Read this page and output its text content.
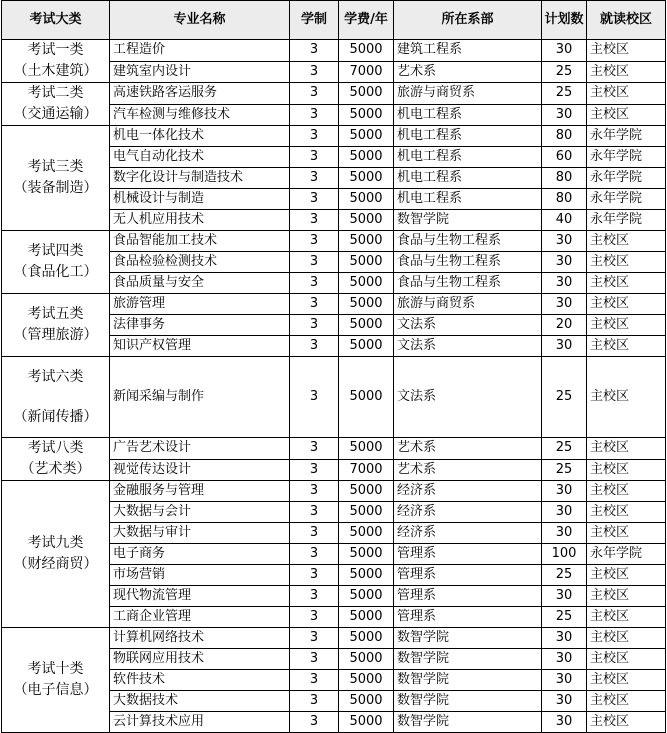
考试大类	专业名称	学制	学费/年	所在系部	计划数	就读校区
考试一类
（土木建筑）	工程造价	3	5000	建筑工程系	30	主校区
	建筑室内设计	3	7000	艺术系	25	主校区
考试二类
（交通运输）	高速铁路客运服务	3	5000	旅游与商贸系	25	主校区
	汽车检测与维修技术	3	5000	机电工程系	30	主校区
考试三类
（装备制造）	机电一体化技术	3	5000	机电工程系	80	永年学院
	电气自动化技术	3	5000	机电工程系	60	永年学院
	数字化设计与制造技术	3	5000	机电工程系	80	永年学院
	机械设计与制造	3	5000	机电工程系	80	永年学院
	无人机应用技术	3	5000	数智学院	40	永年学院
考试四类
（食品化工）	食品智能加工技术	3	5000	食品与生物工程系	30	主校区
	食品检验检测技术	3	5000	食品与生物工程系	30	主校区
	食品质量与安全	3	5000	食品与生物工程系	30	主校区
考试五类
（管理旅游）	旅游管理	3	5000	旅游与商贸系	30	主校区
	法律事务	3	5000	文法系	20	主校区
	知识产权管理	3	5000	文法系	30	主校区
考试六类
（新闻传播）	新闻采编与制作	3	5000	文法系	25	主校区
考试八类
（艺术类）	广告艺术设计	3	5000	艺术系	25	主校区
	视觉传达设计	3	7000	艺术系	25	主校区
考试九类
（财经商贸）	金融服务与管理	3	5000	经济系	30	主校区
	大数据与会计	3	5000	经济系	30	主校区
	大数据与审计	3	5000	经济系	30	主校区
	电子商务	3	5000	管理系	100	永年学院
	市场营销	3	5000	管理系	25	主校区
	现代物流管理	3	5000	管理系	30	主校区
	工商企业管理	3	5000	管理系	25	主校区
考试十类
（电子信息）	计算机网络技术	3	5000	数智学院	30	主校区
	物联网应用技术	3	5000	数智学院	30	主校区
	软件技术	3	5000	数智学院	30	主校区
	大数据技术	3	5000	数智学院	30	主校区
	云计算技术应用	3	5000	数智学院	30	主校区
